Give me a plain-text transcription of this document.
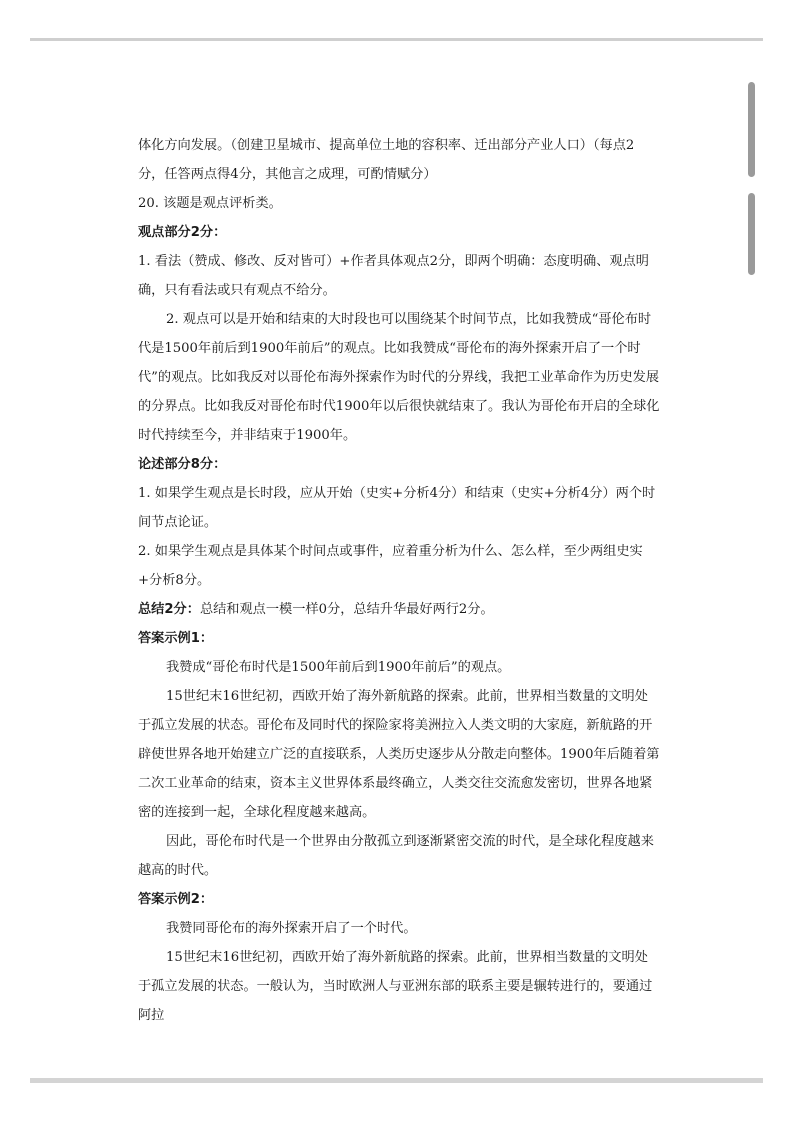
体化方向发展。（创建卫星城市、提高单位土地的容积率、迁出部分产业人口）（每点2分，任答两点得4分，其他言之成理，可酌情赋分）

20. 该题是观点评析类。

观点部分2分：

1. 看法（赞成、修改、反对皆可）+作者具体观点2分，即两个明确：态度明确、观点明确，只有看法或只有观点不给分。

2. 观点可以是开始和结束的大时段也可以围绕某个时间节点，比如我赞成“哥伦布时代是1500年前后到1900年前后”的观点。比如我赞成“哥伦布的海外探索开启了一个时代”的观点。比如我反对以哥伦布海外探索作为时代的分界线，我把工业革命作为历史发展的分界点。比如我反对哥伦布时代1900年以后很快就结束了。我认为哥伦布开启的全球化时代持续至今，并非结束于1900年。

论述部分8分：

1. 如果学生观点是长时段，应从开始（史实+分析4分）和结束（史实+分析4分）两个时间节点论证。

2. 如果学生观点是具体某个时间点或事件，应着重分析为什么、怎么样，至少两组史实+分析8分。

总结2分：总结和观点一模一样0分，总结升华最好两行2分。

答案示例1：

我赞成“哥伦布时代是1500年前后到1900年前后”的观点。

15世纪末16世纪初，西欧开始了海外新航路的探索。此前，世界相当数量的文明处于孤立发展的状态。哥伦布及同时代的探险家将美洲拉入人类文明的大家庭，新航路的开辟使世界各地开始建立广泛的直接联系，人类历史逐步从分散走向整体。1900年后随着第二次工业革命的结束，资本主义世界体系最终确立，人类交往交流愈发密切，世界各地紧密的连接到一起，全球化程度越来越高。

因此，哥伦布时代是一个世界由分散孤立到逐渐紧密交流的时代，是全球化程度越来越高的时代。

答案示例2：

我赞同哥伦布的海外探索开启了一个时代。

15世纪末16世纪初，西欧开始了海外新航路的探索。此前，世界相当数量的文明处于孤立发展的状态。一般认为，当时欧洲人与亚洲东部的联系主要是辗转进行的，要通过阿拉
